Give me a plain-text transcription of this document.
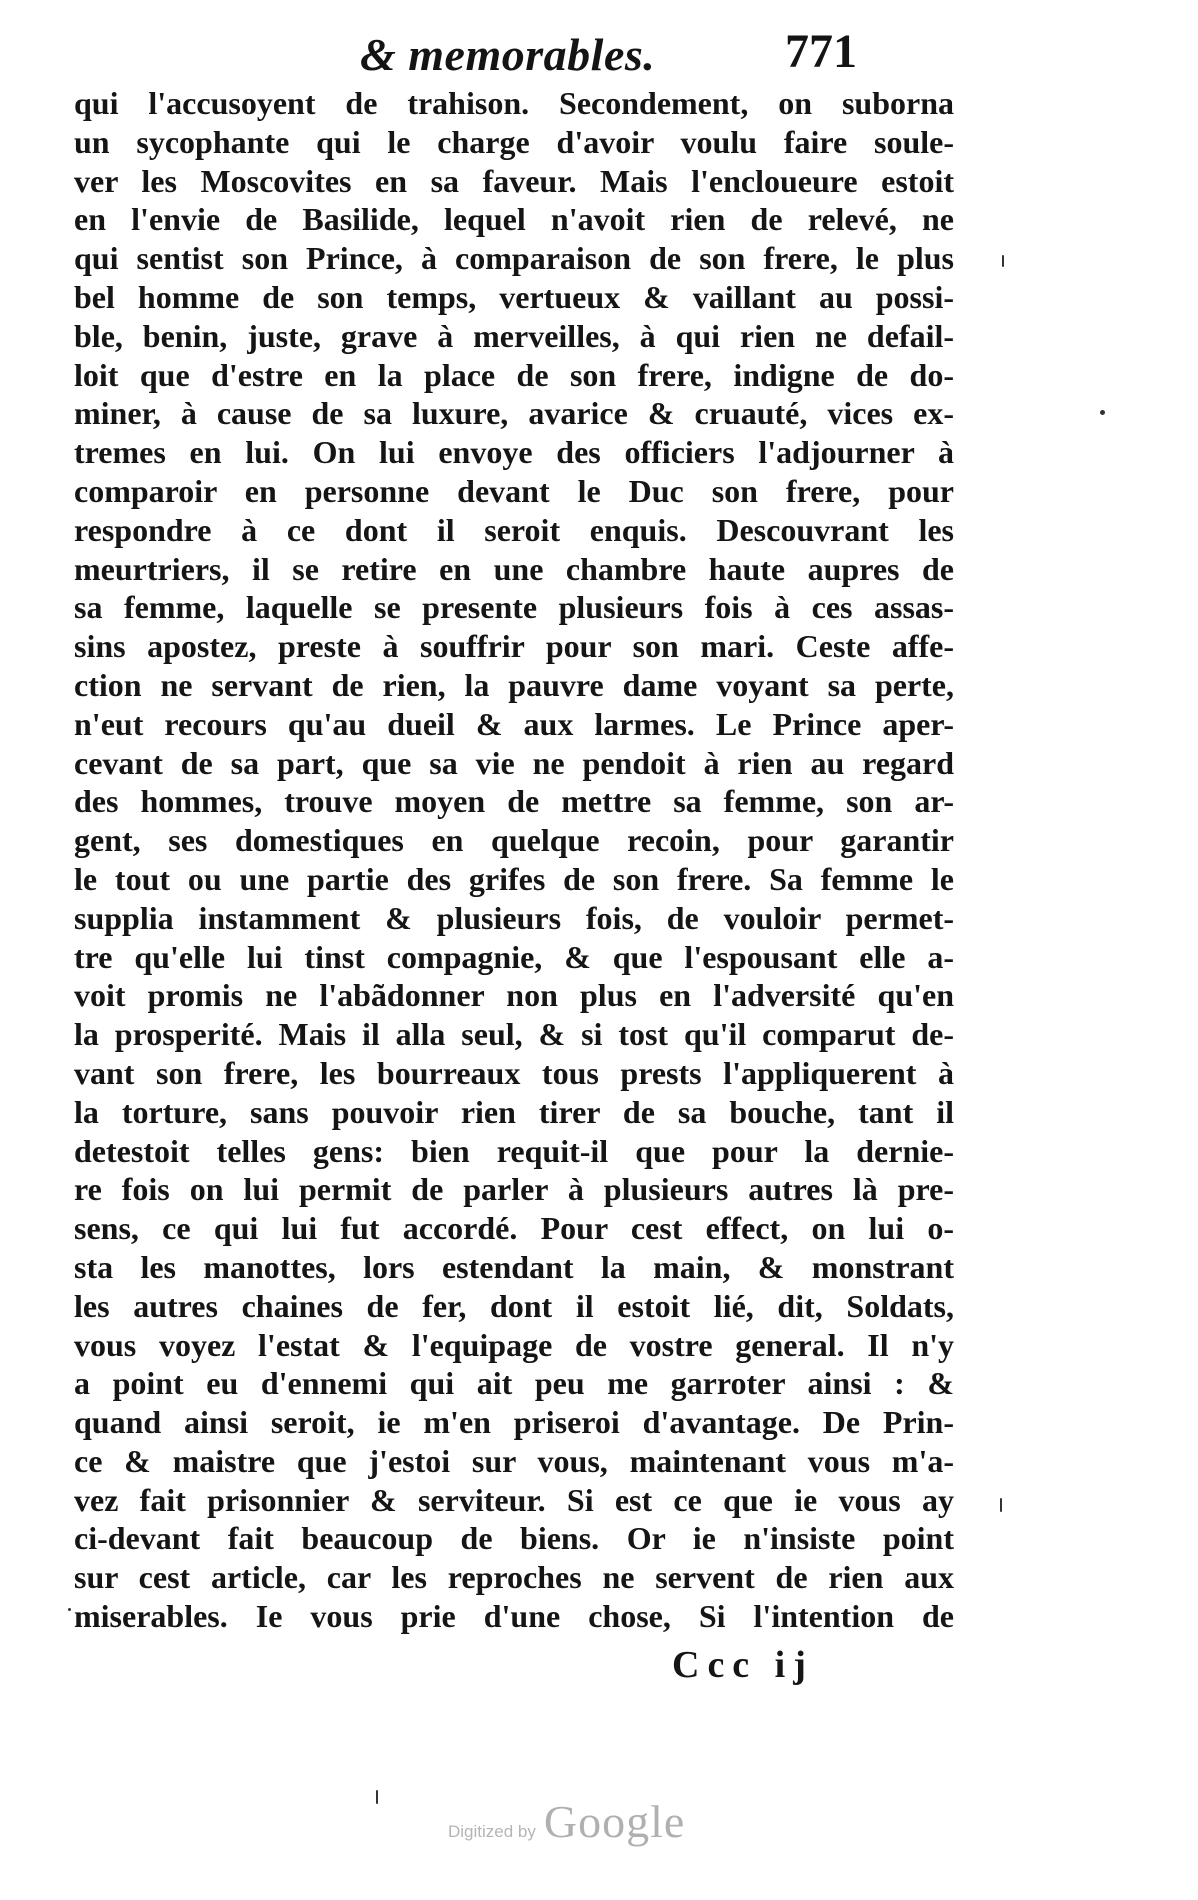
& memorables.	771
qui l'accusoyent de trahison. Secondement, on suborna
un sycophante qui le charge d'avoir voulu faire soule-
ver les Moscovites en sa faveur. Mais l'encloueure estoit
en l'envie de Basilide, lequel n'avoit rien de relevé, ne
qui sentist son Prince, à comparaison de son frere, le plus
bel homme de son temps, vertueux & vaillant au possi-
ble, benin, juste, grave à merveilles, à qui rien ne defail-
loit que d'estre en la place de son frere, indigne de do-
miner, à cause de sa luxure, avarice & cruauté, vices ex-
tremes en lui. On lui envoye des officiers l'adjourner à
comparoir en personne devant le Duc son frere, pour
respondre à ce dont il seroit enquis. Descouvrant les
meurtriers, il se retire en une chambre haute aupres de
sa femme, laquelle se presente plusieurs fois à ces assas-
sins apostez, preste à souffrir pour son mari. Ceste affe-
ction ne servant de rien, la pauvre dame voyant sa perte,
n'eut recours qu'au dueil & aux larmes. Le Prince aper-
cevant de sa part, que sa vie ne pendoit à rien au regard
des hommes, trouve moyen de mettre sa femme, son ar-
gent, ses domestiques en quelque recoin, pour garantir
le tout ou une partie des grifes de son frere. Sa femme le
supplia instamment & plusieurs fois, de vouloir permet-
tre qu'elle lui tinst compagnie, & que l'espousant elle a-
voit promis ne l'abãdonner non plus en l'adversité qu'en
la prosperité. Mais il alla seul, & si tost qu'il comparut de-
vant son frere, les bourreaux tous prests l'appliquerent à
la torture, sans pouvoir rien tirer de sa bouche, tant il
detestoit telles gens: bien requit-il que pour la dernie-
re fois on lui permit de parler à plusieurs autres là pre-
sens, ce qui lui fut accordé. Pour cest effect, on lui o-
sta les manottes, lors estendant la main, & monstrant
les autres chaines de fer, dont il estoit lié, dit, Soldats,
vous voyez l'estat & l'equipage de vostre general. Il n'y
a point eu d'ennemi qui ait peu me garroter ainsi : &
quand ainsi seroit, ie m'en priseroi d'avantage. De Prin-
ce & maistre que j'estoi sur vous, maintenant vous m'a-
vez fait prisonnier & serviteur. Si est ce que ie vous ay
ci-devant fait beaucoup de biens. Or ie n'insiste point
sur cest article, car les reproches ne servent de rien aux
miserables. Ie vous prie d'une chose, Si l'intention de
Ccc ij
Digitized by Google
